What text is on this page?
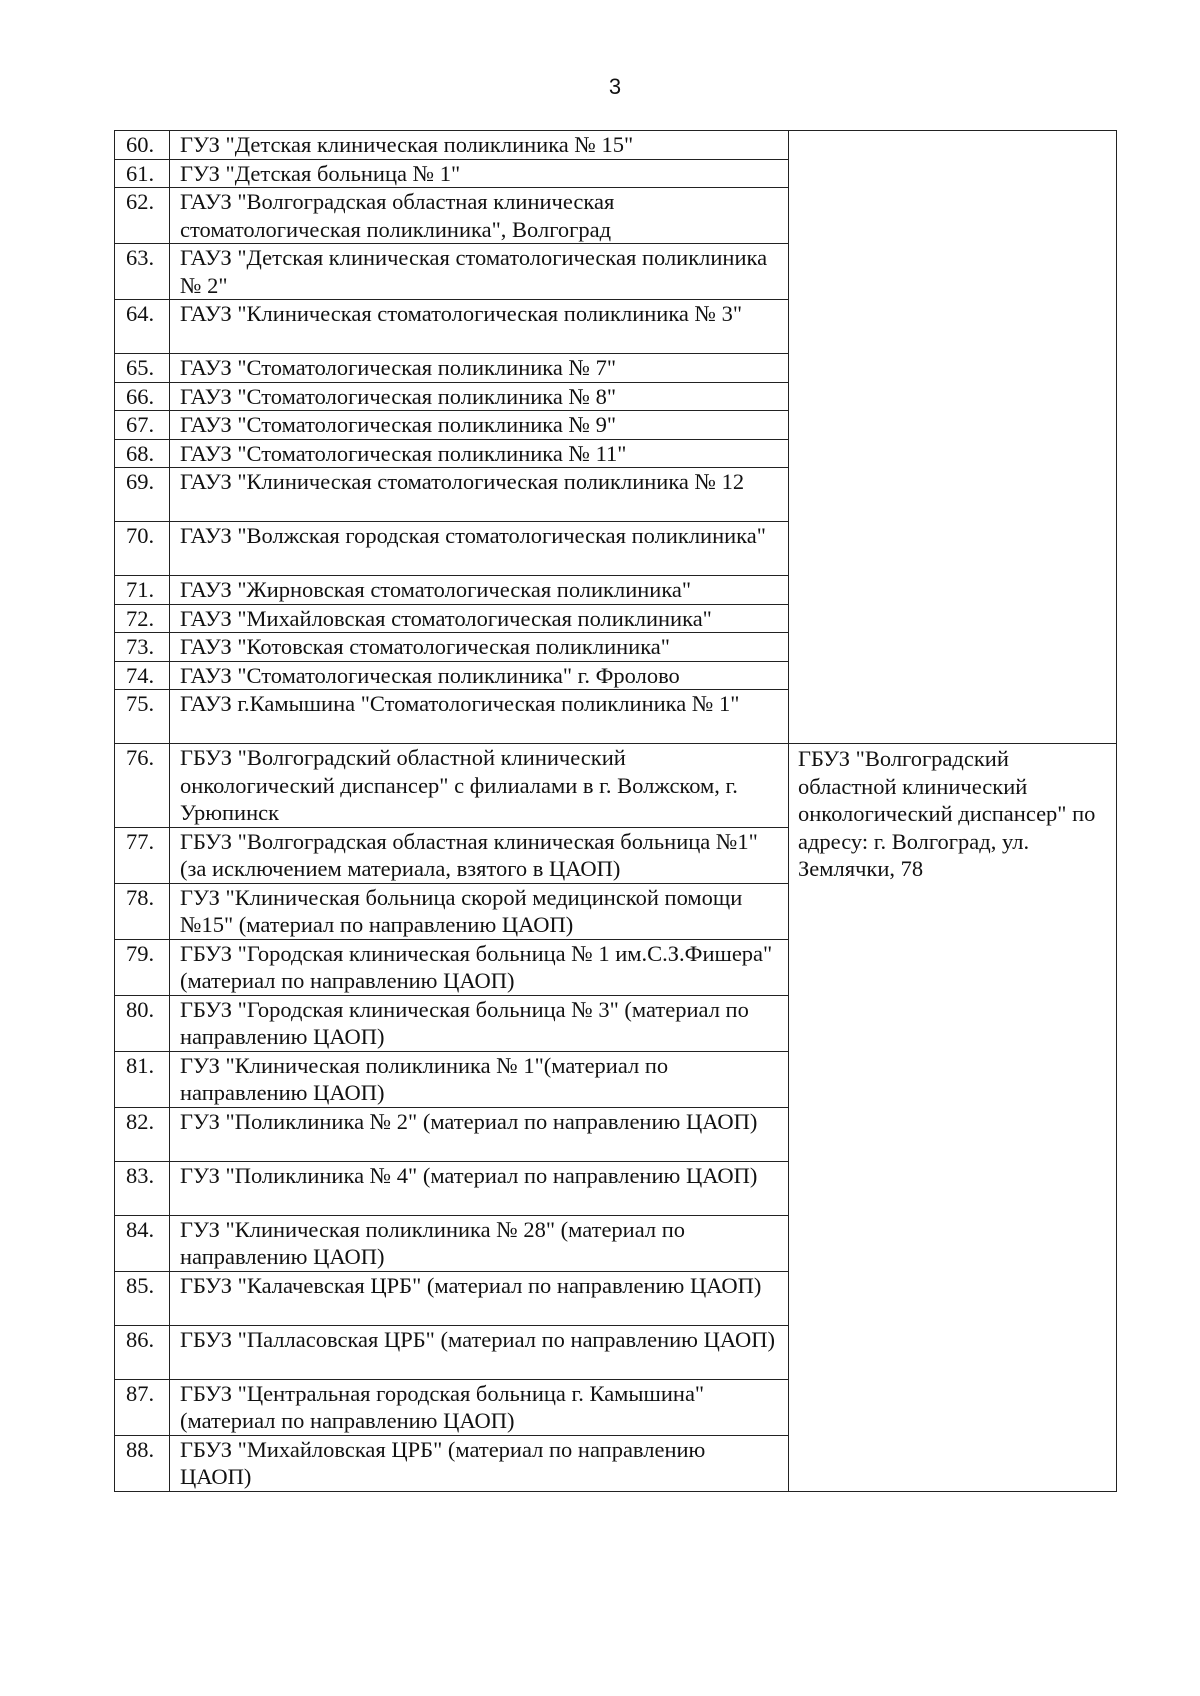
3
60.	ГУЗ "Детская клиническая поликлиника № 15"	
61.	ГУЗ "Детская больница № 1"	
62.	ГАУЗ "Волгоградская областная клиническая стоматологическая поликлиника", Волгоград	
63.	ГАУЗ "Детская клиническая стоматологическая поликлиника № 2"	
64.	ГАУЗ "Клиническая стоматологическая поликлиника № 3"	
65.	ГАУЗ "Стоматологическая поликлиника № 7"	
66.	ГАУЗ "Стоматологическая поликлиника № 8"	
67.	ГАУЗ "Стоматологическая поликлиника № 9"	
68.	ГАУЗ "Стоматологическая поликлиника № 11"	
69.	ГАУЗ "Клиническая стоматологическая поликлиника № 12	
70.	ГАУЗ "Волжская городская стоматологическая поликлиника"	
71.	ГАУЗ "Жирновская стоматологическая поликлиника"	
72.	ГАУЗ "Михайловская стоматологическая поликлиника"	
73.	ГАУЗ "Котовская стоматологическая поликлиника"	
74.	ГАУЗ "Стоматологическая поликлиника" г. Фролово	
75.	ГАУЗ г.Камышина "Стоматологическая поликлиника № 1"	
76.	ГБУЗ "Волгоградский областной клинический онкологический диспансер" с филиалами в г. Волжском, г. Урюпинск	ГБУЗ "Волгоградский областной клинический онкологический диспансер" по адресу: г. Волгоград, ул. Землячки, 78
77.	ГБУЗ "Волгоградская областная клиническая больница №1" (за исключением материала, взятого в ЦАОП)	
78.	ГУЗ "Клиническая больница скорой медицинской помощи №15" (материал по направлению ЦАОП)	
79.	ГБУЗ "Городская клиническая больница № 1 им.С.З.Фишера" (материал по направлению ЦАОП)	
80.	ГБУЗ "Городская клиническая больница № 3" (материал по направлению ЦАОП)	
81.	ГУЗ "Клиническая поликлиника № 1"(материал по направлению ЦАОП)	
82.	ГУЗ "Поликлиника № 2" (материал по направлению ЦАОП)	
83.	ГУЗ "Поликлиника № 4" (материал по направлению ЦАОП)	
84.	ГУЗ "Клиническая поликлиника № 28" (материал по направлению ЦАОП)	
85.	ГБУЗ "Калачевская ЦРБ" (материал по направлению ЦАОП)	
86.	ГБУЗ "Палласовская ЦРБ" (материал по направлению ЦАОП)	
87.	ГБУЗ "Центральная городская больница г. Камышина" (материал по направлению ЦАОП)	
88.	ГБУЗ "Михайловская ЦРБ" (материал по направлению ЦАОП)	
